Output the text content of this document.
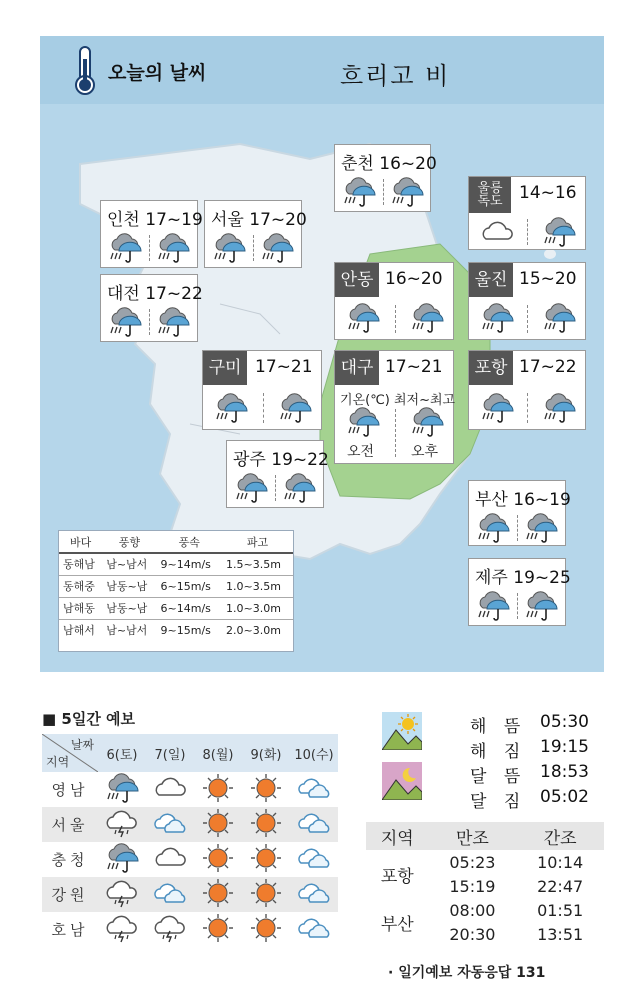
오늘의 날씨	흐리고 비
춘천 16~20
울릉
독도 14~16
인천 17~19 서울 17~20
대전 17~22
안동 16~20	울진 15~20
구미 17~21	대구 17~21
기온(℃) 최저~최고
오전	오후
포항 17~22
광주 19~22
부산 16~19
제주 19~25
바다	풍향	풍속	파고
동해남	남~남서	9~14m/s	1.5~3.5m
동해중	남동~남	6~15m/s	1.0~3.5m
남해동	남동~남	6~14m/s	1.0~3.0m
남해서	남~남서	9~15m/s	2.0~3.0m
■ 5일간 예보
날짜
지역	6(토)	7(일)	8(월)	9(화)	10(수)
영남					
서울					
충청					
강원					
호남					
해 뜸 05:30
해 짐 19:15
달 뜸 18:53
달 짐 05:02
지역	만조	간조
포항	05:23	10:14
	15:19	22:47
부산	08:00	01:51
	20:30	13:51
· 일기예보 자동응답 131
